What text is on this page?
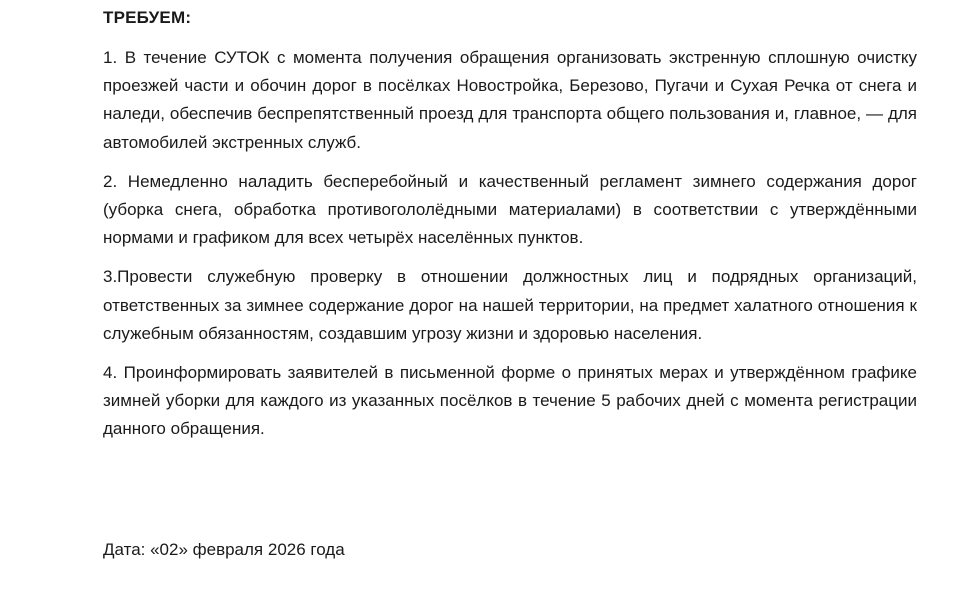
ТРЕБУЕМ:

1. В течение СУТОК с момента получения обращения организовать экстренную сплошную очистку проезжей части и обочин дорог в посёлках Новостройка, Березово, Пугачи и Сухая Речка от снега и наледи, обеспечив беспрепятственный проезд для транспорта общего пользования и, главное, — для автомобилей экстренных служб.

2. Немедленно наладить бесперебойный и качественный регламент зимнего содержания дорог (уборка снега, обработка противогололёдными материалами) в соответствии с утверждёнными нормами и графиком для всех четырёх населённых пунктов.

3.Провести служебную проверку в отношении должностных лиц и подрядных организаций, ответственных за зимнее содержание дорог на нашей территории, на предмет халатного отношения к служебным обязанностям, создавшим угрозу жизни и здоровью населения.

4. Проинформировать заявителей в письменной форме о принятых мерах и утверждённом графике зимней уборки для каждого из указанных посёлков в течение 5 рабочих дней с момента регистрации данного обращения.

Дата: «02» февраля 2026 года
